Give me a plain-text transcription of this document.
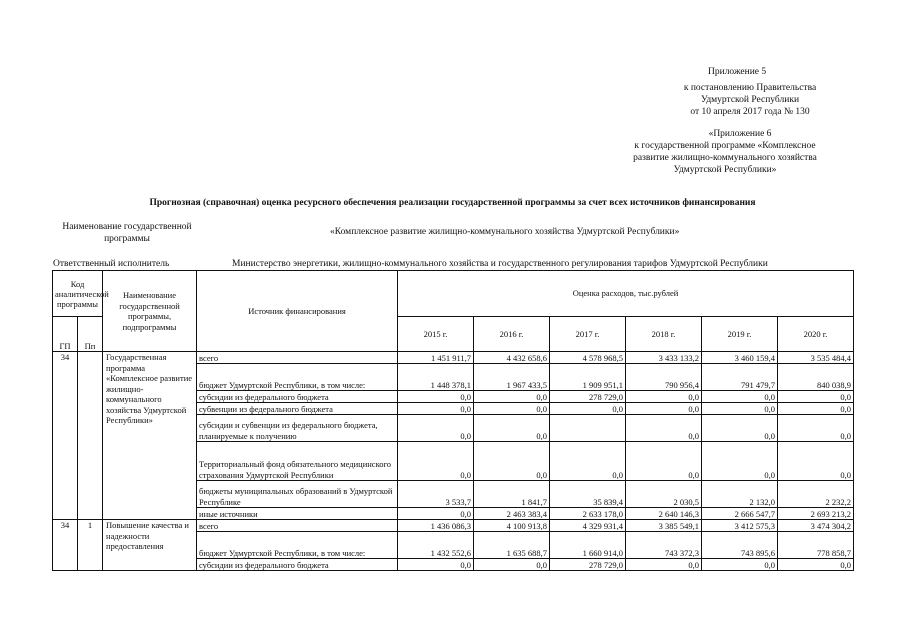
Приложение 5
к постановлению Правительства
Удмуртской Республики
от 10 апреля 2017 года № 130
«Приложение 6
к государственной программе «Комплексное
развитие жилищно-коммунального хозяйства
Удмуртской Республики»
Прогнозная (справочная) оценка ресурсного обеспечения реализации государственной программы за счет всех источников финансирования
Наименование государственной программы
«Комплексное развитие жилищно-коммунального хозяйства Удмуртской Республики»
Ответственный исполнитель	Министерство энергетики, жилищно-коммунального хозяйства и государственного регулирования тарифов Удмуртской Республики
Код аналитической программы		Наименование государственной программы, подпрограммы	Источник финансирования	Оценка расходов, тыс.рублей					
ГП	Пп			2015 г.	2016 г.	2017 г.	2018 г.	2019 г.	2020 г.
34		Государственная программа «Комплексное развитие жилищно-коммунального хозяйства Удмуртской Республики»	всего	1 451 911,7	4 432 658,6	4 578 968,5	3 433 133,2	3 460 159,4	3 535 484,4
			бюджет Удмуртской Республики, в том числе:	1 448 378,1	1 967 433,5	1 909 951,1	790 956,4	791 479,7	840 038,9
			субсидии из федерального бюджета	0,0	0,0	278 729,0	0,0	0,0	0,0
			субвенции из федерального бюджета	0,0	0,0	0,0	0,0	0,0	0,0
			субсидии и субвенции из федерального бюджета, планируемые к получению	0,0	0,0		0,0	0,0	0,0
			Территориальный фонд обязательного медицинского страхования Удмуртской Республики	0,0	0,0	0,0	0,0	0,0	0,0
			бюджеты муниципальных образований в Удмуртской Республике	3 533,7	1 841,7	35 839,4	2 030,5	2 132,0	2 232,2
			иные источники	0,0	2 463 383,4	2 633 178,0	2 640 146,3	2 666 547,7	2 693 213,2
34	1	Повышение качества и надежности предоставления	всего	1 436 086,3	4 100 913,8	4 329 931,4	3 385 549,1	3 412 575,3	3 474 304,2
			бюджет Удмуртской Республики, в том числе:	1 432 552,6	1 635 688,7	1 660 914,0	743 372,3	743 895,6	778 858,7
			субсидии из федерального бюджета	0,0	0,0	278 729,0	0,0	0,0	0,0
